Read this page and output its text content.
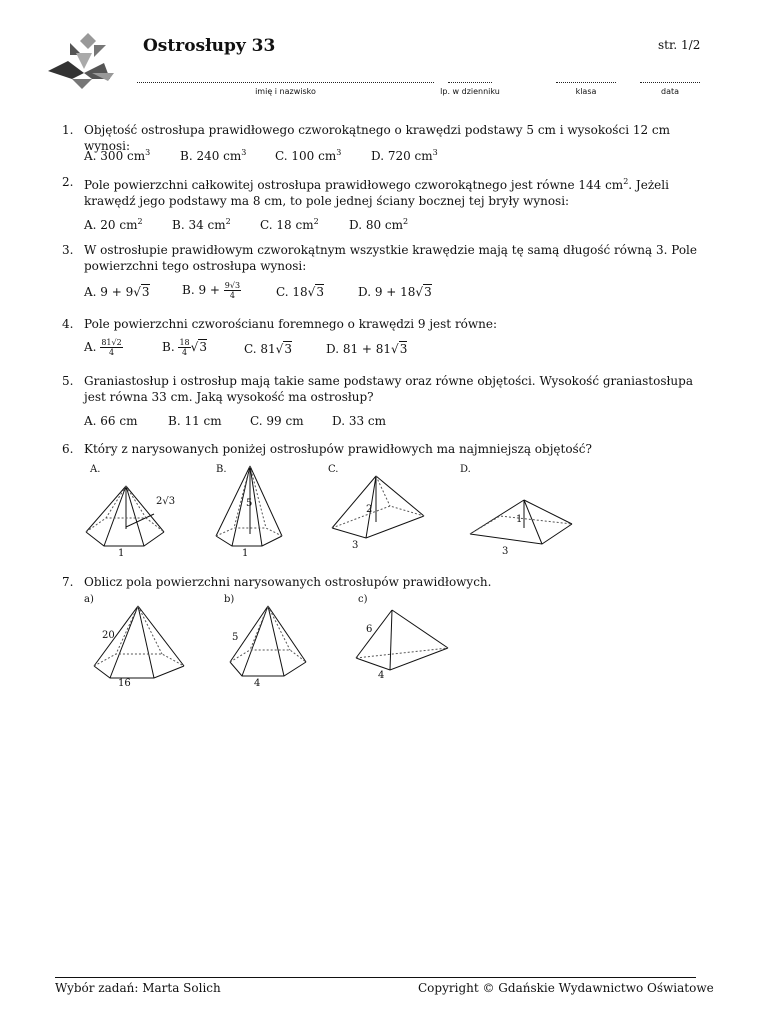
Ostrosłupy 33	str. 1/2
imię i nazwisko	lp. w dzienniku	klasa	data
1. Objętość ostrosłupa prawidłowego czworokątnego o krawędzi podstawy 5 cm i wysokości 12 cm wynosi:
A. 300 $cm^3$ B. 240 $cm^3$ C. 100 $cm^3$ D. 720 $cm^3$
2. Pole powierzchni całkowitej ostrosłupa prawidłowego czworokątnego jest równe 144 $cm^2$. Jeżeli krawędź jego podstawy ma 8 cm, to pole jednej ściany bocznej tej bryły wynosi:
A. 20 $cm^2$ B. 34 $cm^2$ C. 18 $cm^2$	D. 80 $cm^2$
3. W ostrosłupie prawidłowym czworokątnym wszystkie krawędzie mają tę samą długość równą 3. Pole powierzchni tego ostrosłupa wynosi:
A. 9 + 9√3	B. $9 + \frac{9√3}{4}$	C. 18√3	D. 9 + 18√3
4. Pole powierzchni czworościanu foremnego o krawędzi 9 jest równe:
A. $\frac{81√2}{4}$	B. $\frac{18}{4} √3$	C. 81√3	D. 81 + 81√3
5. Graniastosłup i ostrosłup mają takie same podstawy oraz równe objętości. Wysokość graniastosłupa jest równa 33 cm. Jaką wysokość ma ostrosłup?
A. 66 cm	B. 11 cm C. 99 cm D. 33 cm
6. Który z narysowanych poniżej ostrosłupów prawidłowych ma najmniejszą objętość?
A.
2√3
1
B.
5
1
C.
2
3
D.
1
3
7. Oblicz pola powierzchni narysowanych ostrosłupów prawidłowych.
a)
20
16
b)
5
4
c)
6
4
Wybór zadań: Marta Solich	Copyright © Gdańskie Wydawnictwo Oświatowe
